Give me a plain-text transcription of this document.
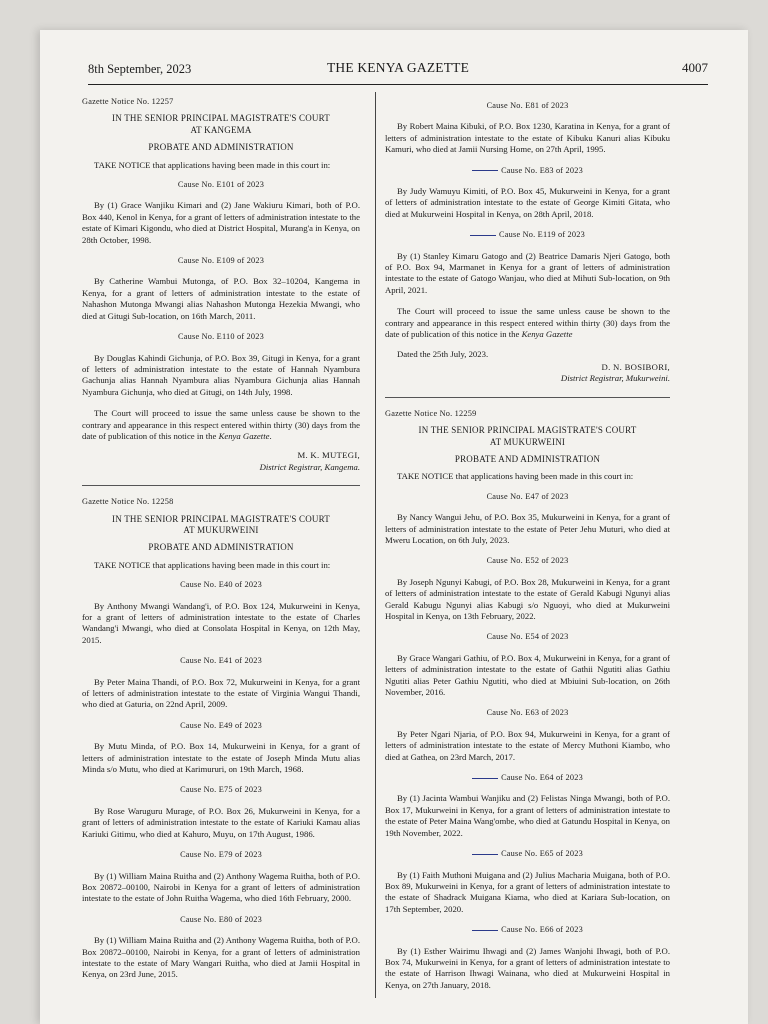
8th September, 2023	THE KENYA GAZETTE	4007
Gazette Notice No. 12257
IN THE SENIOR PRINCIPAL MAGISTRATE'S COURT
AT KANGEMA
PROBATE AND ADMINISTRATION
TAKE NOTICE that applications having been made in this court in:
Cause No. E101 of 2023
By (1) Grace Wanjiku Kimari and (2) Jane Wakiuru Kimari, both of P.O. Box 440, Kenol in Kenya, for a grant of letters of administration intestate to the estate of Kimari Kigondu, who died at District Hospital, Murang'a in Kenya, on 28th October, 1998.
Cause No. E109 of 2023
By Catherine Wambui Mutonga, of P.O. Box 32–10204, Kangema in Kenya, for a grant of letters of administration intestate to the estate of Nahashon Mutonga Mwangi alias Nahashon Mutonga Hezekia Mwangi, who died at Gitugi Sub-location, on 16th March, 2011.
Cause No. E110 of 2023
By Douglas Kahindi Gichunja, of P.O. Box 39, Gitugi in Kenya, for a grant of letters of administration intestate to the estate of Hannah Nyambura Gachunja alias Hannah Nyambura alias Nyambura Gichunja alias Hannah Nyambura Gichunja, who died at Gitugi, on 14th July, 1998.
The Court will proceed to issue the same unless cause be shown to the contrary and appearance in this respect entered within thirty (30) days from the date of publication of this notice in the Kenya Gazette.
M. K. MUTEGI,
District Registrar, Kangema.
Gazette Notice No. 12258
IN THE SENIOR PRINCIPAL MAGISTRATE'S COURT
AT MUKURWEINI
PROBATE AND ADMINISTRATION
TAKE NOTICE that applications having been made in this court in:
Cause No. E40 of 2023
By Anthony Mwangi Wandang'i, of P.O. Box 124, Mukurweini in Kenya, for a grant of letters of administration intestate to the estate of Charles Wandang'i Mwangi, who died at Consolata Hospital in Kenya, on 12th May, 2015.
Cause No. E41 of 2023
By Peter Maina Thandi, of P.O. Box 72, Mukurweini in Kenya, for a grant of letters of administration intestate to the estate of Virginia Wangui Thandi, who died at Gaturia, on 22nd April, 2009.
Cause No. E49 of 2023
By Mutu Minda, of P.O. Box 14, Mukurweini in Kenya, for a grant of letters of administration intestate to the estate of Joseph Minda Mutu alias Minda s/o Mutu, who died at Karimururi, on 19th March, 1968.
Cause No. E75 of 2023
By Rose Waruguru Murage, of P.O. Box 26, Mukurweini in Kenya, for a grant of letters of administration intestate to the estate of Kariuki Kamau alias Kariuki Gitimu, who died at Kahuro, Muyu, on 17th August, 1986.
Cause No. E79 of 2023
By (1) William Maina Ruitha and (2) Anthony Wagema Ruitha, both of P.O. Box 20872–00100, Nairobi in Kenya for a grant of letters of administration intestate to the estate of John Ruitha Wagema, who died 16th February, 2000.
Cause No. E80 of 2023
By (1) William Maina Ruitha and (2) Anthony Wagema Ruitha, both of P.O. Box 20872–00100, Nairobi in Kenya, for a grant of letters of administration intestate to the estate of Mary Wangari Ruitha, who died at Jamii Hospital in Kenya, on 23rd June, 2015.
Cause No. E81 of 2023
By Robert Maina Kibuki, of P.O. Box 1230, Karatina in Kenya, for a grant of letters of administration intestate to the estate of Kibuku Kanuri alias Kibuku Kamuri, who died at Jamii Nursing Home, on 27th April, 1995.
Cause No. E83 of 2023
By Judy Wamuyu Kimiti, of P.O. Box 45, Mukurweini in Kenya, for a grant of letters of administration intestate to the estate of George Kimiti Gitata, who died at Mukurweini Hospital in Kenya, on 28th April, 2018.
Cause No. E119 of 2023
By (1) Stanley Kimaru Gatogo and (2) Beatrice Damaris Njeri Gatogo, both of P.O. Box 94, Marmanet in Kenya for a grant of letters of administration intestate to the estate of Gatogo Wanjau, who died at Mihuti Sub-location, on 9th April, 2021.
The Court will proceed to issue the same unless cause be shown to the contrary and appearance in this respect entered within thirty (30) days from the date of publication of this notice in the Kenya Gazette
Dated the 25th July, 2023.
D. N. BOSIBORI,
District Registrar, Mukurweini.
Gazette Notice No. 12259
IN THE SENIOR PRINCIPAL MAGISTRATE'S COURT
AT MUKURWEINI
PROBATE AND ADMINISTRATION
TAKE NOTICE that applications having been made in this court in:
Cause No. E47 of 2023
By Nancy Wangui Jehu, of P.O. Box 35, Mukurweini in Kenya, for a grant of letters of administration intestate to the estate of Peter Jehu Muturi, who died at Mweru Location, on 6th July, 2023.
Cause No. E52 of 2023
By Joseph Ngunyi Kabugi, of P.O. Box 28, Mukurweini in Kenya, for a grant of letters of administration intestate to the estate of Gerald Kabugi Ngunyi alias Gerald Kabugu Ngunyi alias Kabugi s/o Nguoyi, who died at Mukurweini Hospital in Kenya, on 13th February, 2022.
Cause No. E54 of 2023
By Grace Wangari Gathiu, of P.O. Box 4, Mukurweini in Kenya, for a grant of letters of administration intestate to the estate of Gathii Ngutiti alias Gathiu Ngutiti alias Peter Gathiu Ngutiti, who died at Mbiuini Sub-location, on 26th November, 2016.
Cause No. E63 of 2023
By Peter Ngari Njaria, of P.O. Box 94, Mukurweini in Kenya, for a grant of letters of administration intestate to the estate of Mercy Muthoni Kiambo, who died at Gathea, on 23rd March, 2017.
Cause No. E64 of 2023
By (1) Jacinta Wambui Wanjiku and (2) Felistas Ninga Mwangi, both of P.O. Box 17, Mukurweini in Kenya, for a grant of letters of administration intestate to the estate of Peter Maina Wang'ombe, who died at Gatundu Hospital in Kenya, on 19th November, 2022.
Cause No. E65 of 2023
By (1) Faith Muthoni Muigana and (2) Julius Macharia Muigana, both of P.O. Box 89, Mukurweini in Kenya, for a grant of letters of administration intestate to the estate of Shadrack Muigana Kiama, who died at Kariara Sub-location, on 17th September, 2020.
Cause No. E66 of 2023
By (1) Esther Wairimu Ihwagi and (2) James Wanjohi Ihwagi, both of P.O. Box 74, Mukurweini in Kenya, for a grant of letters of administration intestate to the estate of Harrison Ihwagi Wainana, who died at Mukurweini Hospital in Kenya, on 27th January, 2018.
